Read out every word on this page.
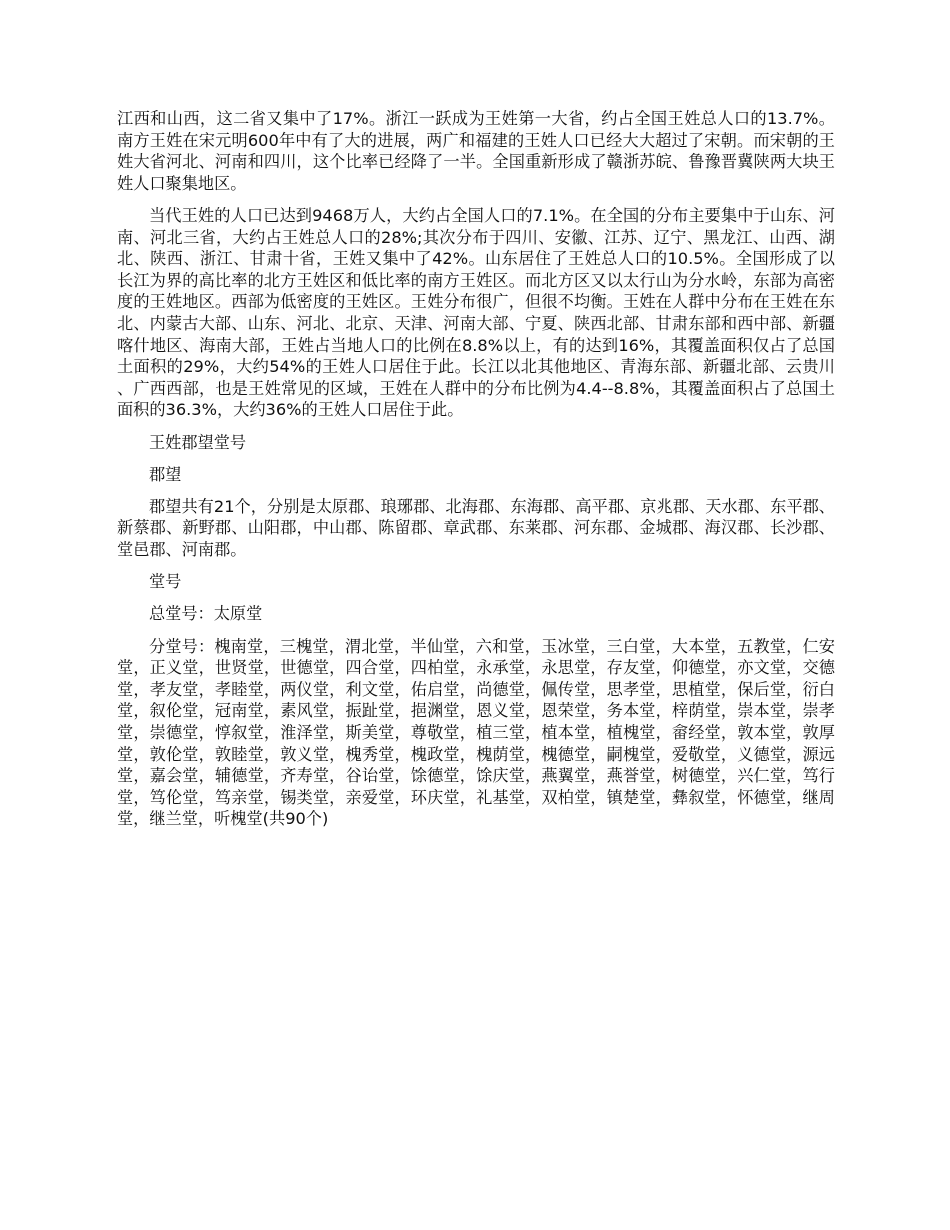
江西和山西，这二省又集中了17%。浙江一跃成为王姓第一大省，约占全国王姓总人口的13.7%。南方王姓在宋元明600年中有了大的进展，两广和福建的王姓人口已经大大超过了宋朝。而宋朝的王姓大省河北、河南和四川，这个比率已经降了一半。全国重新形成了赣浙苏皖、鲁豫晋冀陕两大块王姓人口聚集地区。

当代王姓的人口已达到9468万人，大约占全国人口的7.1%。在全国的分布主要集中于山东、河南、河北三省，大约占王姓总人口的28%;其次分布于四川、安徽、江苏、辽宁、黑龙江、山西、湖北、陕西、浙江、甘肃十省，王姓又集中了42%。山东居住了王姓总人口的10.5%。全国形成了以长江为界的高比率的北方王姓区和低比率的南方王姓区。而北方区又以太行山为分水岭，东部为高密度的王姓地区。西部为低密度的王姓区。王姓分布很广，但很不均衡。王姓在人群中分布在王姓在东北、内蒙古大部、山东、河北、北京、天津、河南大部、宁夏、陕西北部、甘肃东部和西中部、新疆喀什地区、海南大部，王姓占当地人口的比例在8.8%以上，有的达到16%，其覆盖面积仅占了总国土面积的29%，大约54%的王姓人口居住于此。长江以北其他地区、青海东部、新疆北部、云贵川、广西西部，也是王姓常见的区域，王姓在人群中的分布比例为4.4--8.8%，其覆盖面积占了总国土面积的36.3%，大约36%的王姓人口居住于此。

王姓郡望堂号

郡望

郡望共有21个，分别是太原郡、琅琊郡、北海郡、东海郡、高平郡、京兆郡、天水郡、东平郡、新蔡郡、新野郡、山阳郡，中山郡、陈留郡、章武郡、东莱郡、河东郡、金城郡、海汉郡、长沙郡、堂邑郡、河南郡。

堂号

总堂号：太原堂

分堂号：槐南堂，三槐堂，渭北堂，半仙堂，六和堂，玉冰堂，三白堂，大本堂，五教堂，仁安堂，正义堂，世贤堂，世德堂，四合堂，四柏堂，永承堂，永思堂，存友堂，仰德堂，亦文堂，交德堂，孝友堂，孝睦堂，两仪堂，利文堂，佑启堂，尚德堂，佩传堂，思孝堂，思植堂，保后堂，衍白堂，叙伦堂，冠南堂，素风堂，振趾堂，挹渊堂，恩义堂，恩荣堂，务本堂，梓荫堂，崇本堂，崇孝堂，崇德堂，惇叙堂，淮泽堂，斯美堂，尊敬堂，植三堂，植本堂，植槐堂，畲经堂，敦本堂，敦厚堂，敦伦堂，敦睦堂，敦义堂，槐秀堂，槐政堂，槐荫堂，槐德堂，嗣槐堂，爱敬堂，义德堂，源远堂，嘉会堂，辅德堂，齐寿堂，谷诒堂，馀德堂，馀庆堂，燕翼堂，燕誉堂，树德堂，兴仁堂，笃行堂，笃伦堂，笃亲堂，锡类堂，亲爱堂，环庆堂，礼基堂，双柏堂，镇楚堂，彝叙堂，怀德堂，继周堂，继兰堂，听槐堂(共90个)
